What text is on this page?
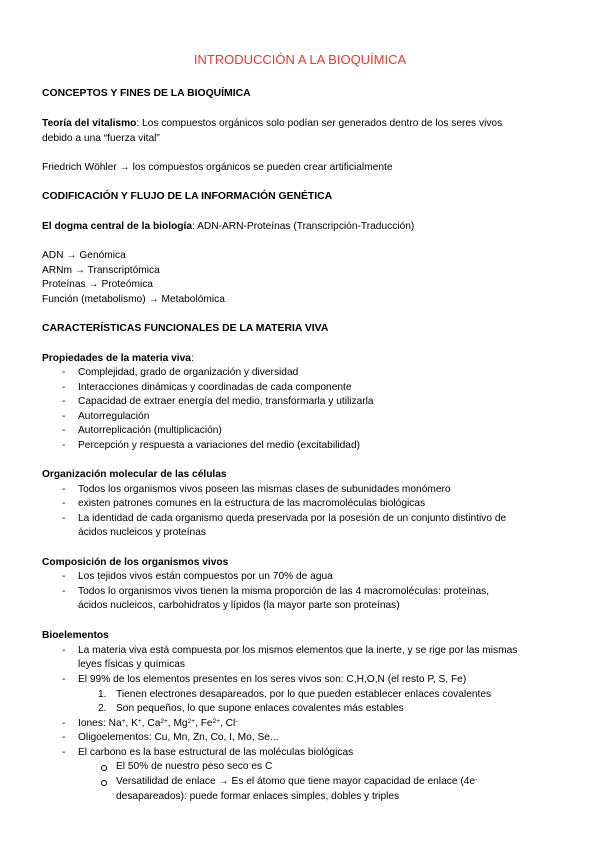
INTRODUCCIÓN A LA BIOQUÍMICA
CONCEPTOS Y FINES DE LA BIOQUÍMICA
Teoría del vitalismo: Los compuestos orgánicos solo podían ser generados dentro de los seres vivos
debido a una “fuerza vital”
Friedrich Wöhler → los compuestos orgánicos se pueden crear artificialmente
CODIFICACIÓN Y FLUJO DE LA INFORMACIÓN GENÉTICA
El dogma central de la biología: ADN-ARN-Proteínas (Transcripción-Traducción)
ADN → Genómica
ARNm → Transcriptómica
Proteínas → Proteómica
Función (metabolismo) → Metabolómica
CARACTERÍSTICAS FUNCIONALES DE LA MATERIA VIVA
Propiedades de la materia viva:
- Complejidad, grado de organización y diversidad
- Interacciones dinámicas y coordinadas de cada componente
- Capacidad de extraer energía del medio, transformarla y utilizarla
- Autorregulación
- Autorreplicación (multiplicación)
- Percepción y respuesta a variaciones del medio (excitabilidad)
Organización molecular de las células
- Todos los organismos vivos poseen las mismas clases de subunidades monómero
- existen patrones comunes en la estructura de las macromoléculas biológicas
- La identidad de cada organismo queda preservada por la posesión de un conjunto distintivo de
ácidos nucleicos y proteínas
Composición de los organismos vivos
- Los tejidos vivos están compuestos por un 70% de agua
- Todos lo organismos vivos tienen la misma proporción de las 4 macromoléculas: proteínas,
ácidos nucleicos, carbohidratos y lípidos (la mayor parte son proteínas)
Bioelementos
- La materia viva está compuesta por los mismos elementos que la inerte, y se rige por las mismas
leyes físicas y químicas
- El 99% de los elementos presentes en los seres vivos son: C,H,O,N (el resto P, S, Fe)
1. Tienen electrones desapareados, por lo que pueden establecer enlaces covalentes
2. Son pequeños, lo que supone enlaces covalentes más estables
- Iones: Na+, K+, $Ca^{2+}$, $Mg^{2+}$, $Fe^{2+}$, Cl-
- Oligoelementos: Cu, Mn, Zn, Co, I, Mo, Se...
- El carbono es la base estructural de las moléculas biológicas
El 50% de nuestro peso seco es C
Versatilidad de enlace → Es el átomo que tiene mayor capacidad de enlace (4e-
desapareados): puede formar enlaces simples, dobles y triples
